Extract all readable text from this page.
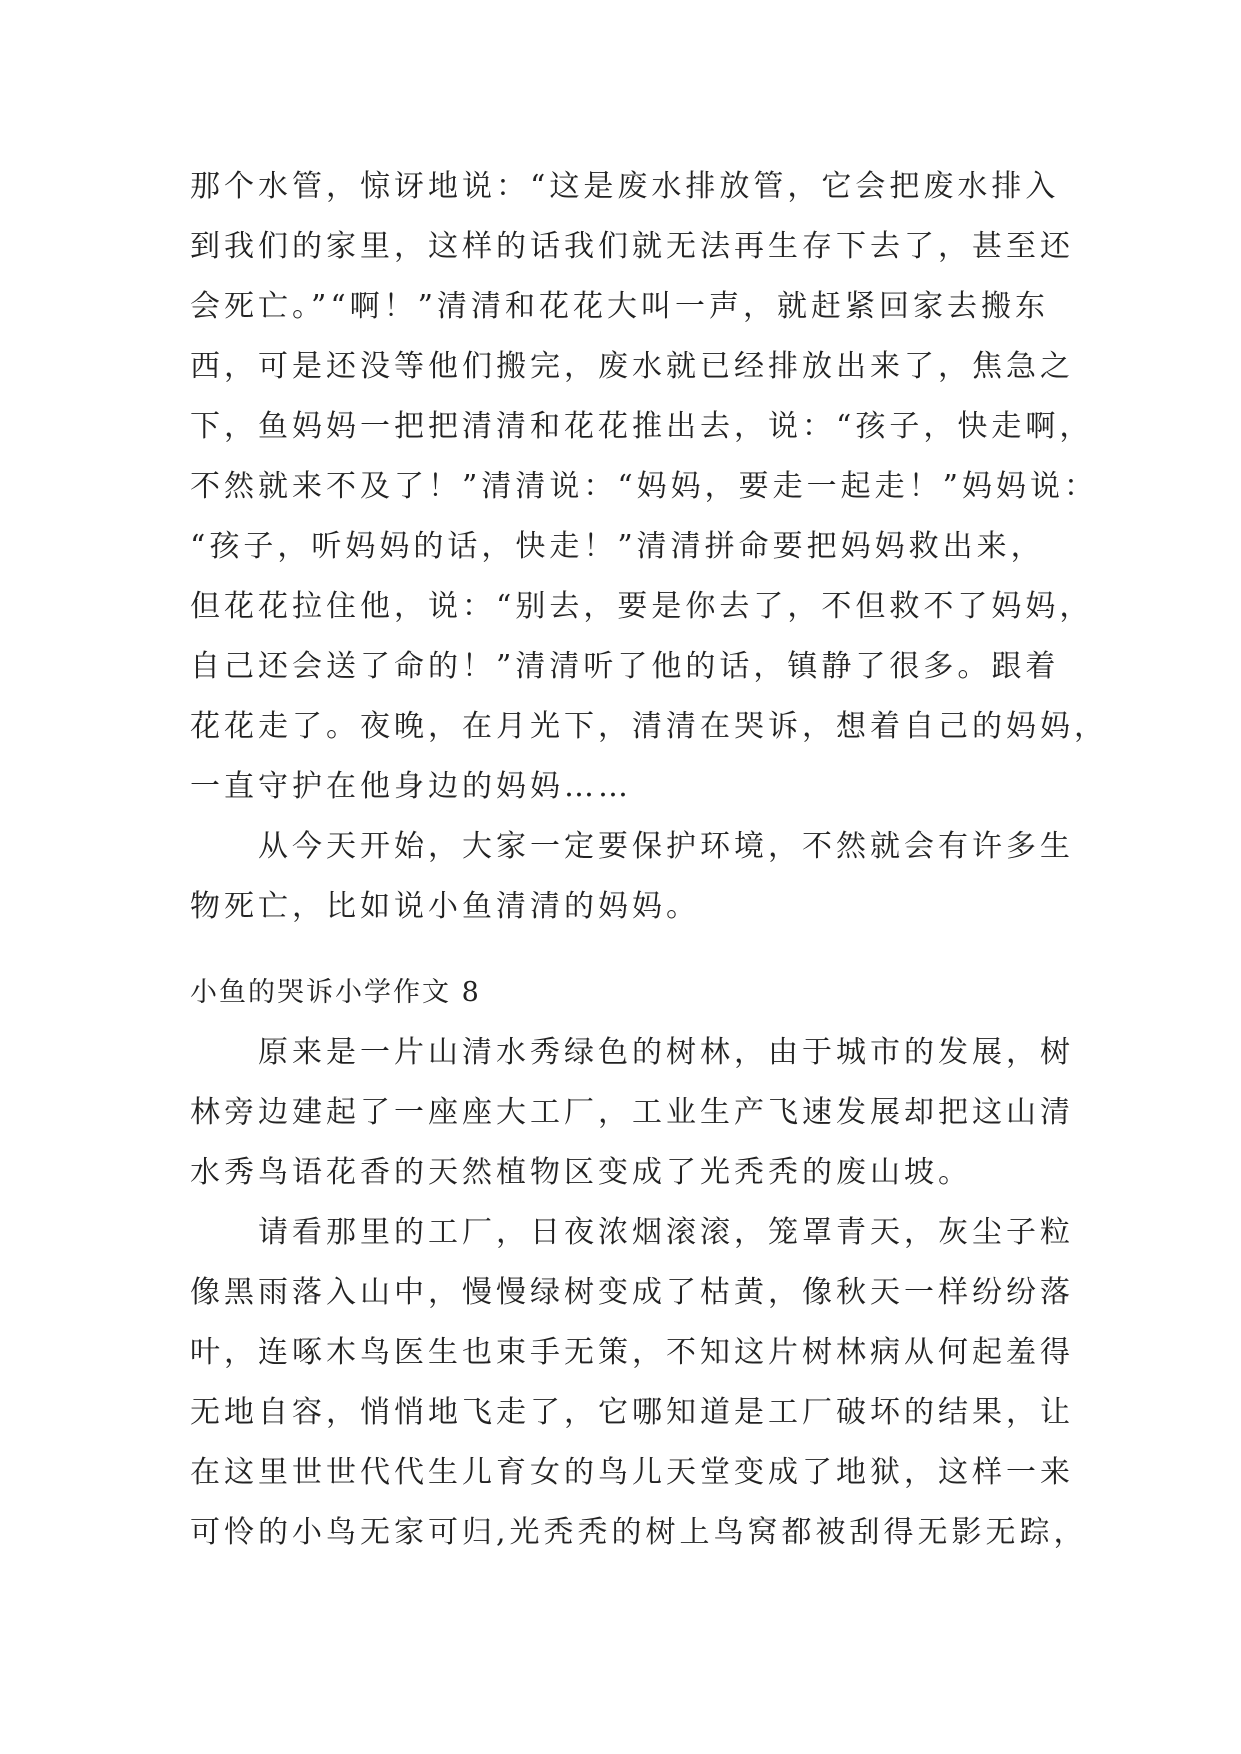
那个水管，惊讶地说：“这是废水排放管，它会把废水排入

到我们的家里，这样的话我们就无法再生存下去了，甚至还

会死亡。”“啊！”清清和花花大叫一声，就赶紧回家去搬东

西，可是还没等他们搬完，废水就已经排放出来了，焦急之

下，鱼妈妈一把把清清和花花推出去，说：“孩子，快走啊，

不然就来不及了！”清清说：“妈妈，要走一起走！”妈妈说：

“孩子，听妈妈的话，快走！”清清拼命要把妈妈救出来，

但花花拉住他，说：“别去，要是你去了，不但救不了妈妈，

自己还会送了命的！”清清听了他的话，镇静了很多。跟着

花花走了。夜晚，在月光下，清清在哭诉，想着自己的妈妈，

一直守护在他身边的妈妈……

　　从今天开始，大家一定要保护环境，不然就会有许多生

物死亡，比如说小鱼清清的妈妈。

小鱼的哭诉小学作文 8

　　原来是一片山清水秀绿色的树林，由于城市的发展，树

林旁边建起了一座座大工厂，工业生产飞速发展却把这山清

水秀鸟语花香的天然植物区变成了光秃秃的废山坡。

　　请看那里的工厂，日夜浓烟滚滚，笼罩青天，灰尘子粒

像黑雨落入山中，慢慢绿树变成了枯黄，像秋天一样纷纷落

叶，连啄木鸟医生也束手无策，不知这片树林病从何起羞得

无地自容，悄悄地飞走了，它哪知道是工厂破坏的结果，让

在这里世世代代生儿育女的鸟儿天堂变成了地狱，这样一来

可怜的小鸟无家可归,光秃秃的树上鸟窝都被刮得无影无踪，
